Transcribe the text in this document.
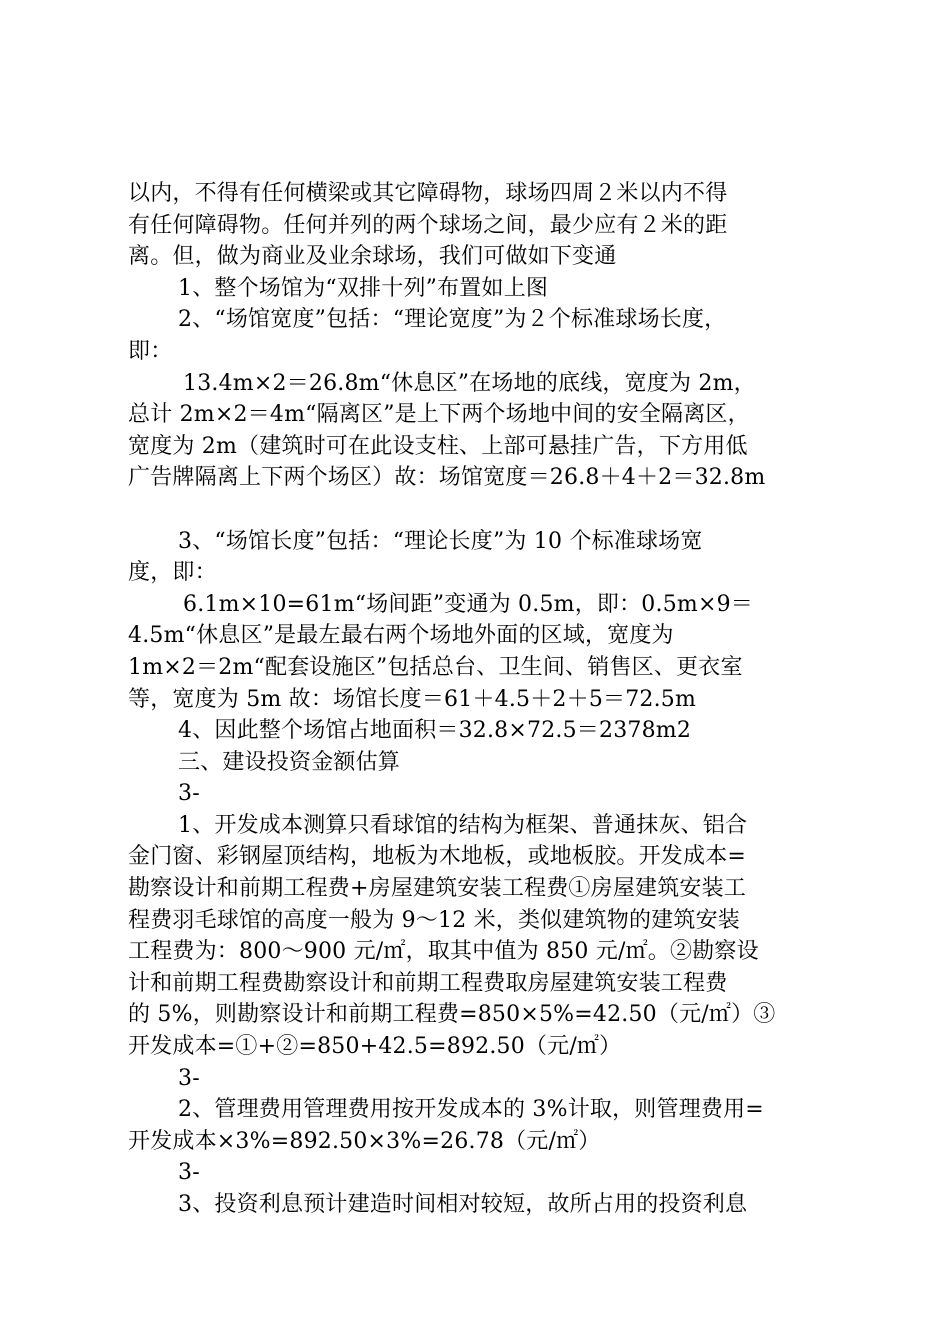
以内，不得有任何横梁或其它障碍物，球场四周２米以内不得
有任何障碍物。任何并列的两个球场之间，最少应有２米的距
离。但，做为商业及业余球场，我们可做如下变通
1、整个场馆为“双排十列”布置如上图
2、“场馆宽度”包括：“理论宽度”为２个标准球场长度，
即：
13.4m×2＝26.8m“休息区”在场地的底线，宽度为 2m，
总计 2m×2＝4m“隔离区”是上下两个场地中间的安全隔离区，
宽度为 2m（建筑时可在此设支柱、上部可悬挂广告，下方用低
广告牌隔离上下两个场区）故：场馆宽度＝26.8＋4＋2＝32.8m
3、“场馆长度”包括：“理论长度”为 10 个标准球场宽
度，即：
6.1m×10=61m“场间距”变通为 0.5m，即：0.5m×9＝
4.5m“休息区”是最左最右两个场地外面的区域，宽度为
1m×2＝2m“配套设施区”包括总台、卫生间、销售区、更衣室
等，宽度为 5m 故：场馆长度＝61＋4.5＋2＋5＝72.5m
4、因此整个场馆占地面积＝32.8×72.5＝2378m2
三、建设投资金额估算
3-
1、开发成本测算只看球馆的结构为框架、普通抹灰、铝合
金门窗、彩钢屋顶结构，地板为木地板，或地板胶。开发成本=
勘察设计和前期工程费+房屋建筑安装工程费①房屋建筑安装工
程费羽毛球馆的高度一般为 9～12 米，类似建筑物的建筑安装
工程费为：800～900 元/㎡，取其中值为 850 元/㎡。②勘察设
计和前期工程费勘察设计和前期工程费取房屋建筑安装工程费
的 5%，则勘察设计和前期工程费=850×5%=42.50（元/㎡）③
开发成本=①+②=850+42.5=892.50（元/㎡）
3-
2、管理费用管理费用按开发成本的 3%计取，则管理费用=
开发成本×3%=892.50×3%=26.78（元/㎡）
3-
3、投资利息预计建造时间相对较短，故所占用的投资利息
